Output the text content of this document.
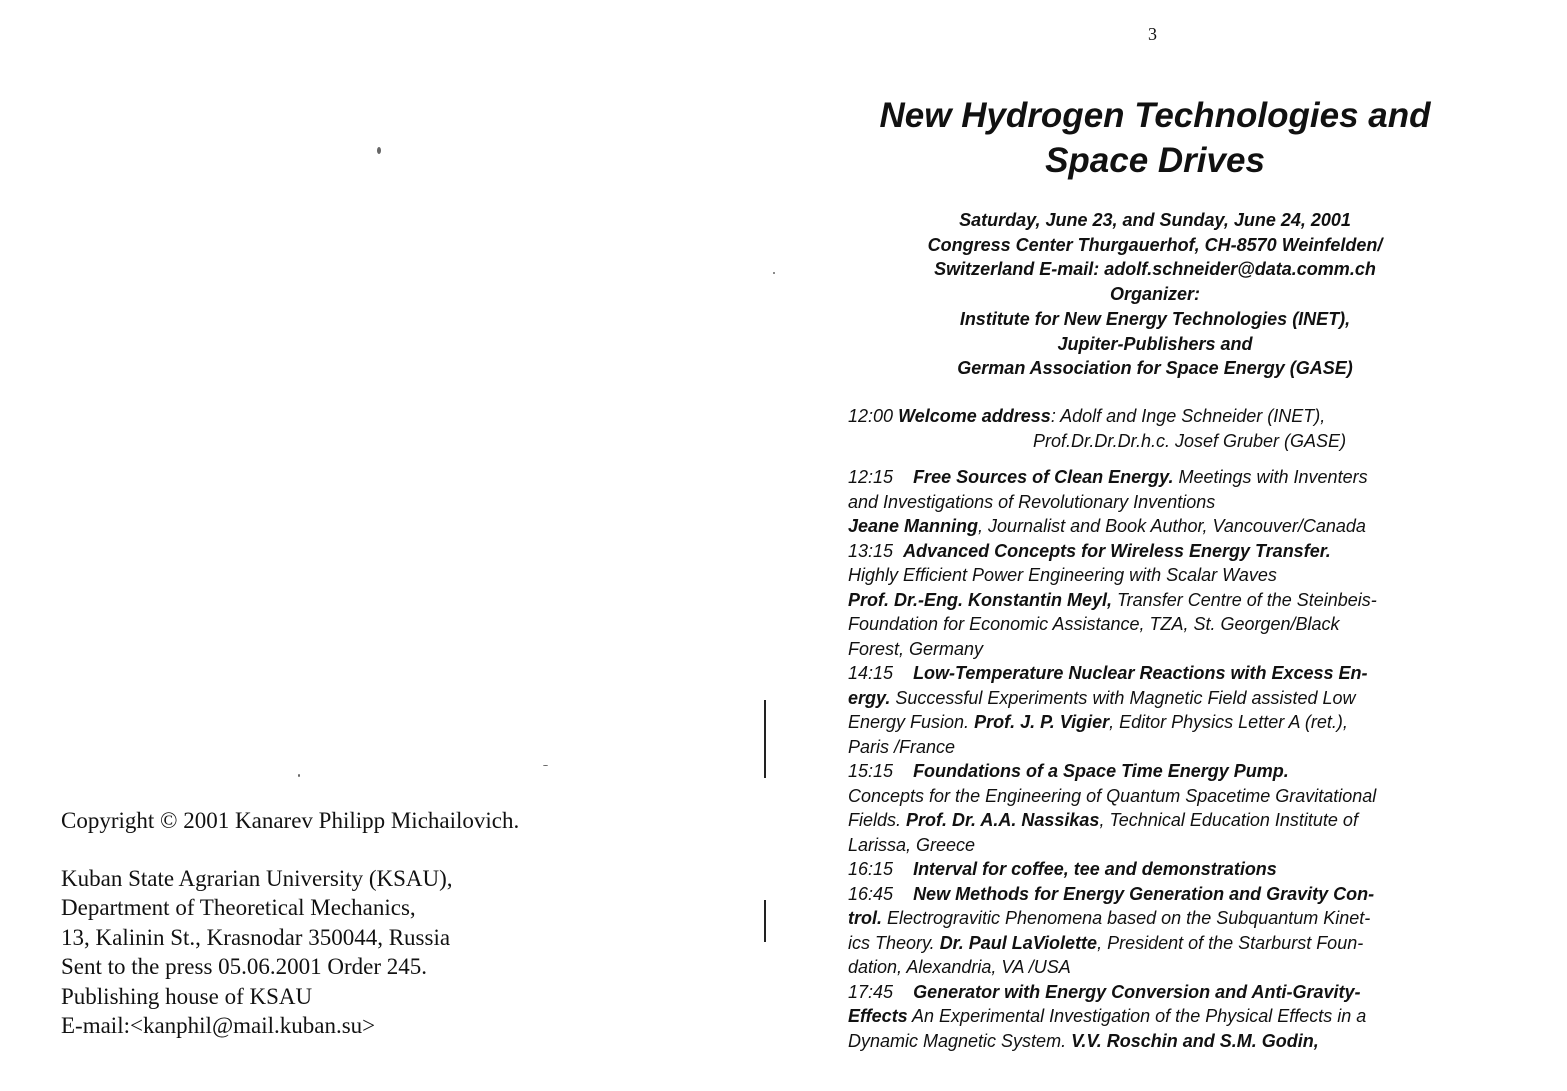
Copyright © 2001 Kanarev Philipp Michailovich.
Kuban State Agrarian University (KSAU),
Department of Theoretical Mechanics,
13, Kalinin St., Krasnodar 350044, Russia
Sent to the press 05.06.2001 Order 245.
Publishing house of KSAU
E-mail:<kanphil@mail.kuban.su>
3
New Hydrogen Technologies and
Space Drives
Saturday, June 23, and Sunday, June 24, 2001
Congress Center Thurgauerhof, CH-8570 Weinfelden/
Switzerland E-mail: adolf.schneider@data.comm.ch
Organizer:
Institute for New Energy Technologies (INET),
Jupiter-Publishers and
German Association for Space Energy (GASE)
12:00 Welcome address: Adolf and Inge Schneider (INET),
Prof.Dr.Dr.Dr.h.c. Josef Gruber (GASE)
12:15 Free Sources of Clean Energy. Meetings with Inventers
and Investigations of Revolutionary Inventions
Jeane Manning, Journalist and Book Author, Vancouver/Canada
13:15 Advanced Concepts for Wireless Energy Transfer.
Highly Efficient Power Engineering with Scalar Waves
Prof. Dr.-Eng. Konstantin Meyl, Transfer Centre of the Steinbeis-
Foundation for Economic Assistance, TZA, St. Georgen/Black
Forest, Germany
14:15 Low-Temperature Nuclear Reactions with Excess En-
ergy. Successful Experiments with Magnetic Field assisted Low
Energy Fusion. Prof. J. P. Vigier, Editor Physics Letter A (ret.),
Paris /France
15:15 Foundations of a Space Time Energy Pump.
Concepts for the Engineering of Quantum Spacetime Gravitational
Fields. Prof. Dr. A.A. Nassikas, Technical Education Institute of
Larissa, Greece
16:15 Interval for coffee, tee and demonstrations
16:45 New Methods for Energy Generation and Gravity Con-
trol. Electrogravitic Phenomena based on the Subquantum Kinet-
ics Theory. Dr. Paul LaViolette, President of the Starburst Foun-
dation, Alexandria, VA /USA
17:45 Generator with Energy Conversion and Anti-Gravity-
Effects An Experimental Investigation of the Physical Effects in a
Dynamic Magnetic System. V.V. Roschin and S.M. Godin,
